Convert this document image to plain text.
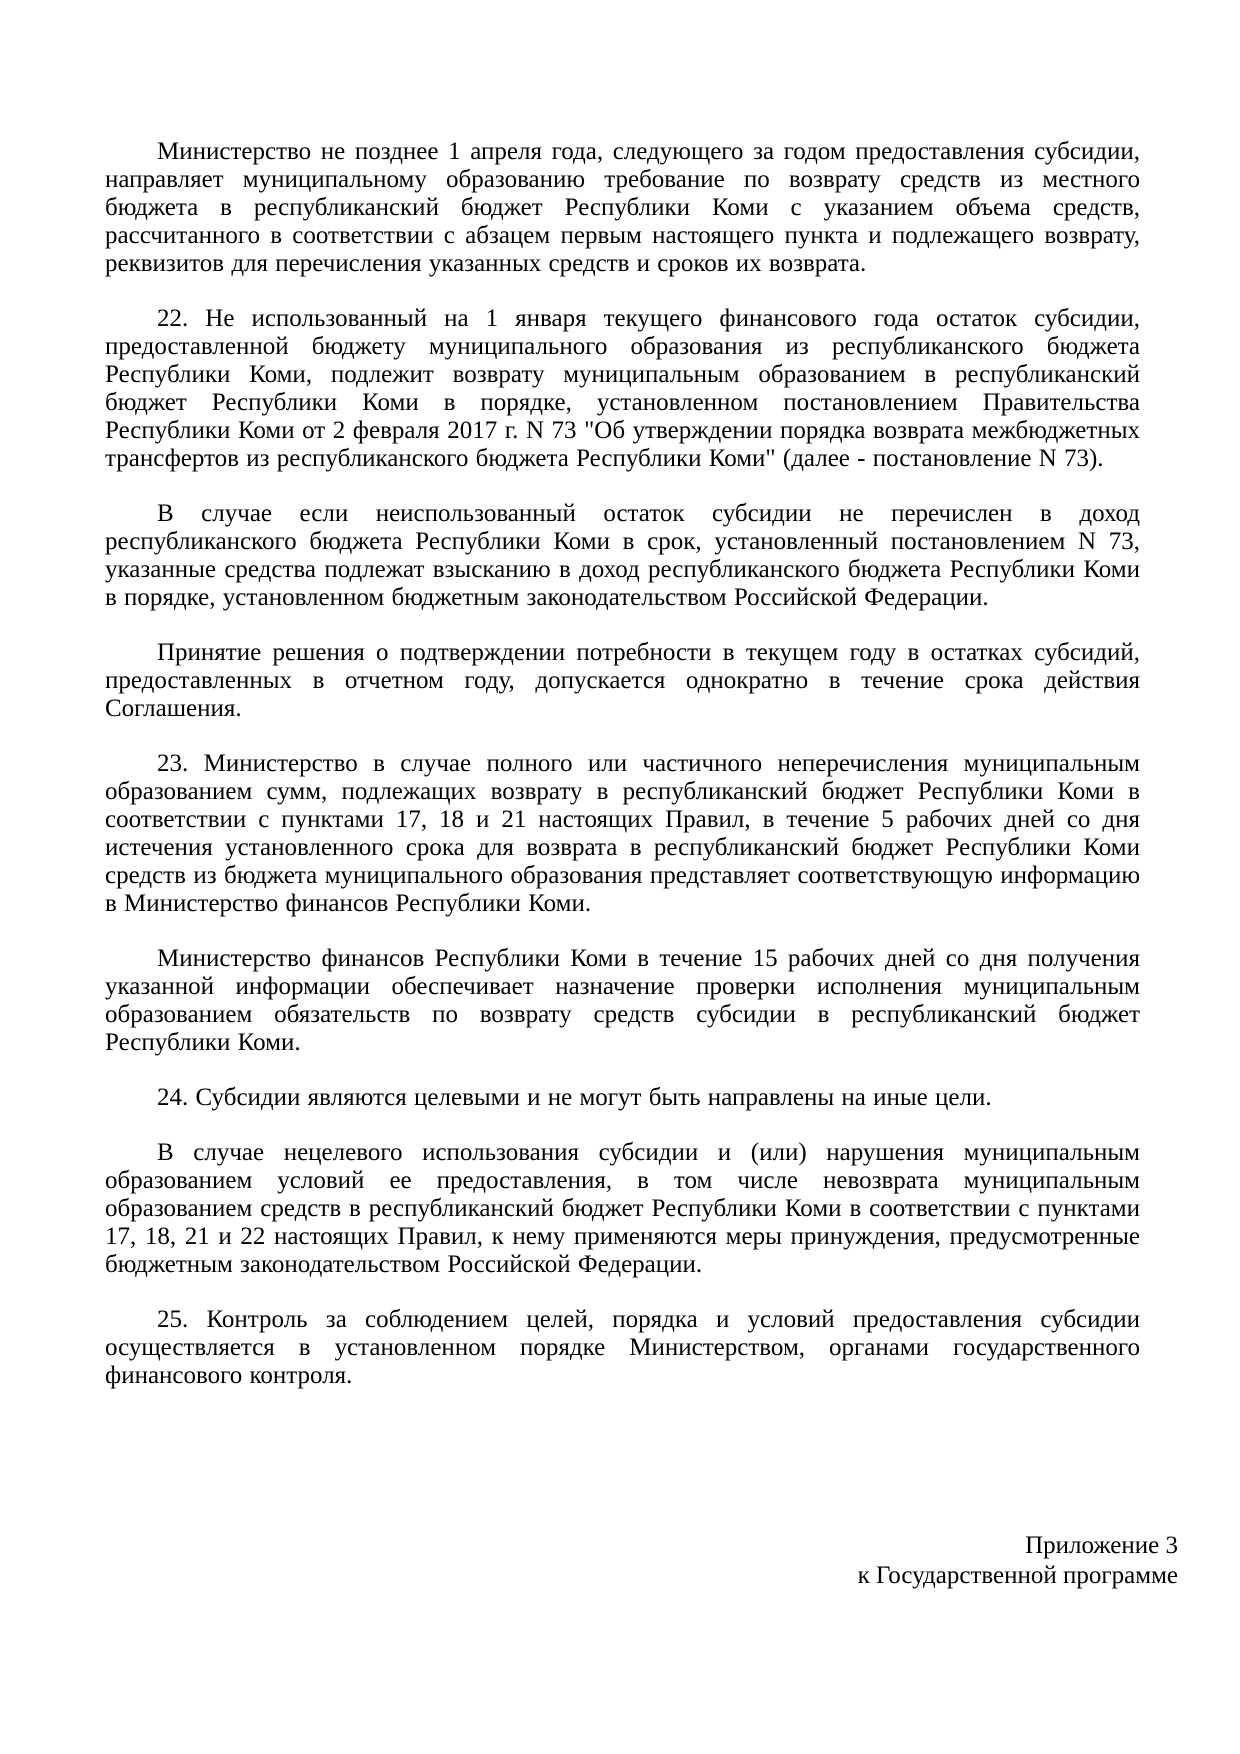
Министерство не позднее 1 апреля года, следующего за годом предоставления субсидии, направляет муниципальному образованию требование по возврату средств из местного бюджета в республиканский бюджет Республики Коми с указанием объема средств, рассчитанного в соответствии с абзацем первым настоящего пункта и подлежащего возврату, реквизитов для перечисления указанных средств и сроков их возврата.

22. Не использованный на 1 января текущего финансового года остаток субсидии, предоставленной бюджету муниципального образования из республиканского бюджета Республики Коми, подлежит возврату муниципальным образованием в республиканский бюджет Республики Коми в порядке, установленном постановлением Правительства Республики Коми от 2 февраля 2017 г. N 73 "Об утверждении порядка возврата межбюджетных трансфертов из республиканского бюджета Республики Коми" (далее - постановление N 73).

В случае если неиспользованный остаток субсидии не перечислен в доход республиканского бюджета Республики Коми в срок, установленный постановлением N 73, указанные средства подлежат взысканию в доход республиканского бюджета Республики Коми в порядке, установленном бюджетным законодательством Российской Федерации.

Принятие решения о подтверждении потребности в текущем году в остатках субсидий, предоставленных в отчетном году, допускается однократно в течение срока действия Соглашения.

23. Министерство в случае полного или частичного неперечисления муниципальным образованием сумм, подлежащих возврату в республиканский бюджет Республики Коми в соответствии с пунктами 17, 18 и 21 настоящих Правил, в течение 5 рабочих дней со дня истечения установленного срока для возврата в республиканский бюджет Республики Коми средств из бюджета муниципального образования представляет соответствующую информацию в Министерство финансов Республики Коми.

Министерство финансов Республики Коми в течение 15 рабочих дней со дня получения указанной информации обеспечивает назначение проверки исполнения муниципальным образованием обязательств по возврату средств субсидии в республиканский бюджет Республики Коми.

24. Субсидии являются целевыми и не могут быть направлены на иные цели.

В случае нецелевого использования субсидии и (или) нарушения муниципальным образованием условий ее предоставления, в том числе невозврата муниципальным образованием средств в республиканский бюджет Республики Коми в соответствии с пунктами 17, 18, 21 и 22 настоящих Правил, к нему применяются меры принуждения, предусмотренные бюджетным законодательством Российской Федерации.

25. Контроль за соблюдением целей, порядка и условий предоставления субсидии осуществляется в установленном порядке Министерством, органами государственного финансового контроля.

Приложение 3
к Государственной программе
